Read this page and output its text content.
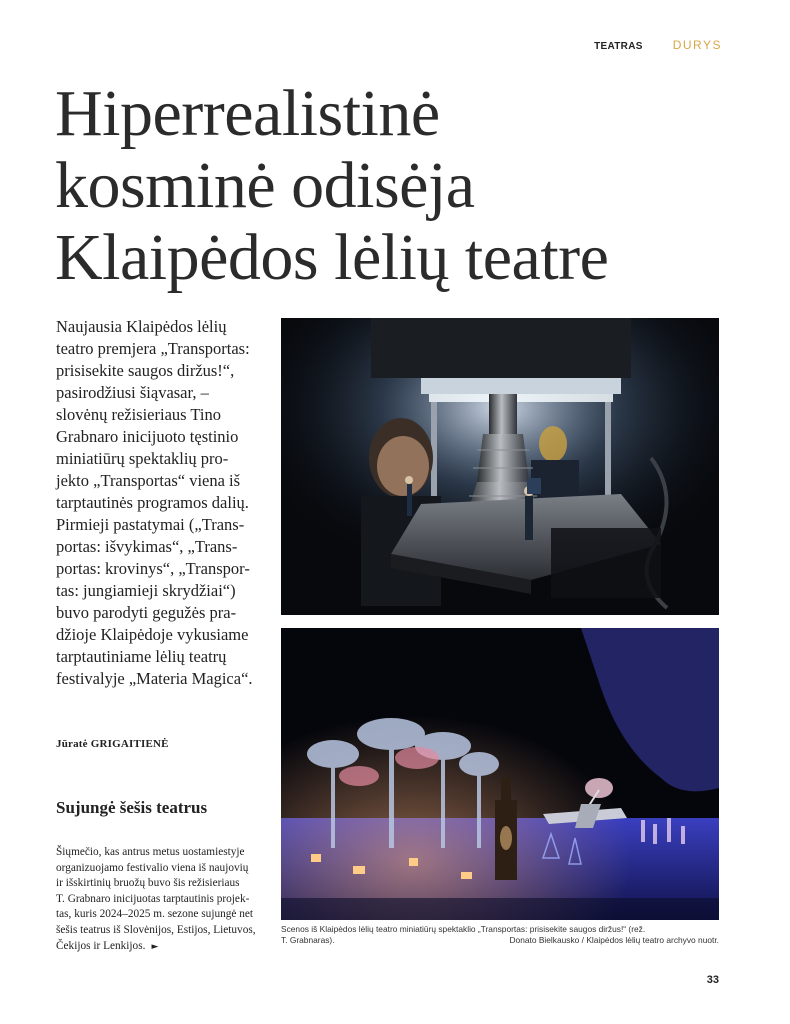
TEATRAS	DURYS
Hiperrealistinė
kosminė odisėja
Klaipėdos lėlių teatre

Naujausia Klaipėdos lėlių
teatro premjera „Transportas:
prisisekite saugos diržus!“,
pasirodžiusi šiąvasar, –
slovėnų režisieriaus Tino
Grabnaro inicijuoto tęstinio
miniatiūrų spektaklių pro-
jekto „Transportas“ viena iš
tarptautinės programos dalių.
Pirmieji pastatymai („Trans-
portas: išvykimas“, „Trans-
portas: krovinys“, „Transpor-
tas: jungiamieji skrydžiai“)
buvo parodyti gegužės pra-
džioje Klaipėdoje vykusiame
tarptautiniame lėlių teatrų
festivalyje „Materia Magica“.

Jūratė GRIGAITIENĖ
Sujungė šešis teatrus

Šiųmečio, kas antrus metus uostamiestyje
organizuojamo festivalio viena iš naujovių
ir išskirtinių bruožų buvo šis režisieriaus
T. Grabnaro inicijuotas tarptautinis projek-
tas, kuris 2024–2025 m. sezone sujungė net
šešis teatrus iš Slovėnijos, Estijos, Lietuvos,
Čekijos ir Lenkijos. ►

Scenos iš Klaipėdos lėlių teatro miniatiūrų spektaklio „Transportas: prisisekite saugos diržus!“ (rež.
T. Grabnaras).	Donato Bielkausko / Klaipėdos lėlių teatro archyvo nuotr.
33
